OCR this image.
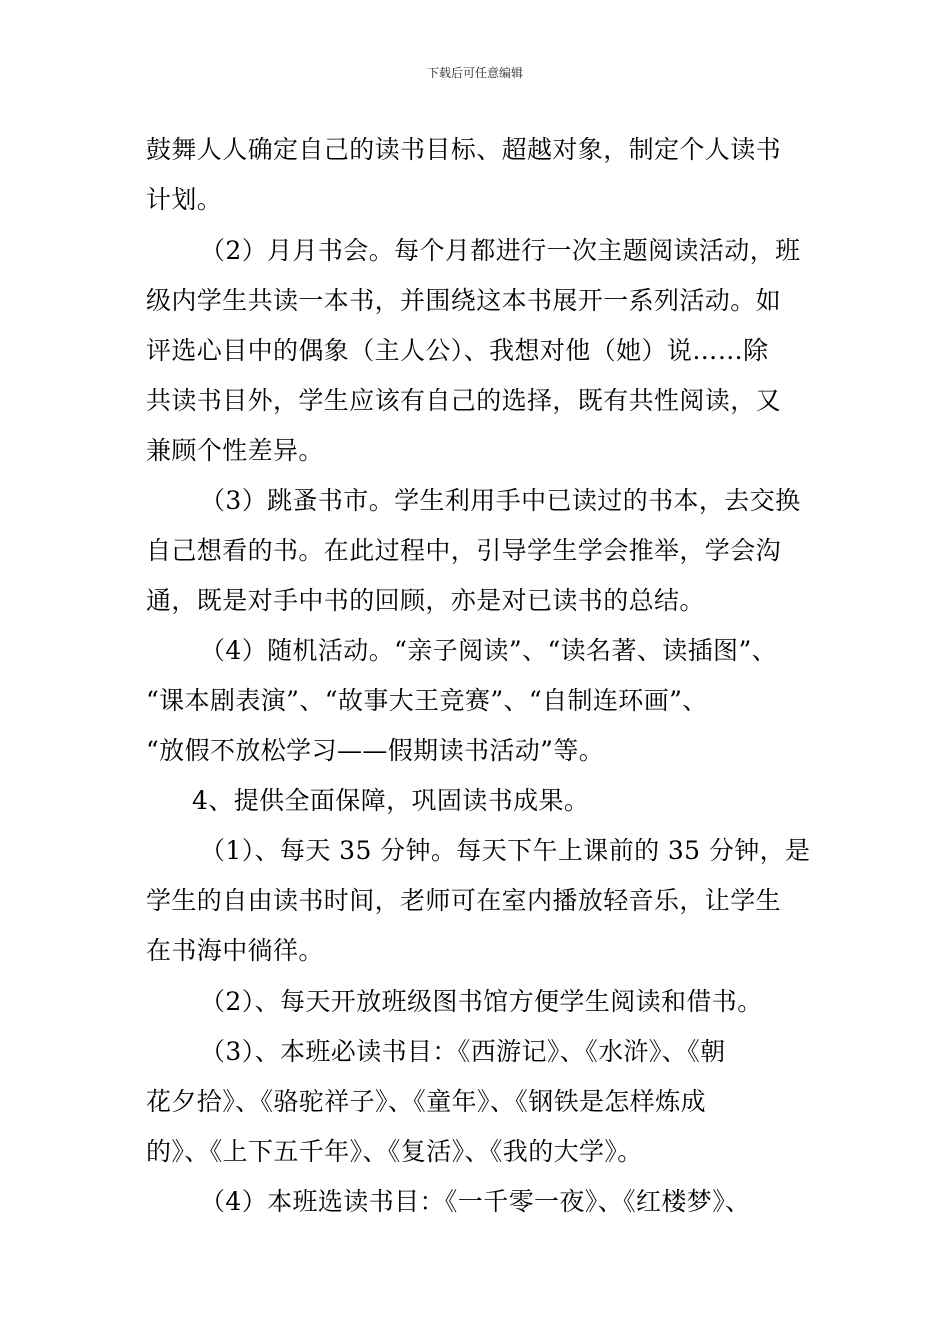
下载后可任意编辑
鼓舞人人确定自己的读书目标、超越对象，制定个人读书
计划。
（2）月月书会。每个月都进行一次主题阅读活动，班
级内学生共读一本书，并围绕这本书展开一系列活动。如
评选心目中的偶象（主人公）、我想对他（她）说……除
共读书目外，学生应该有自己的选择，既有共性阅读，又
兼顾个性差异。
（3）跳蚤书市。学生利用手中已读过的书本，去交换
自己想看的书。在此过程中，引导学生学会推举，学会沟
通，既是对手中书的回顾，亦是对已读书的总结。
（4）随机活动。“亲子阅读”、“读名著、读插图”、
“课本剧表演”、“故事大王竞赛”、“自制连环画”、
“放假不放松学习——假期读书活动”等。
4、提供全面保障，巩固读书成果。
（1）、每天 35 分钟。每天下午上课前的 35 分钟，是
学生的自由读书时间，老师可在室内播放轻音乐，让学生
在书海中徜徉。
（2）、每天开放班级图书馆方便学生阅读和借书。
（3）、本班必读书目：《西游记》、《水浒》、《朝
花夕拾》、《骆驼祥子》、《童年》、《钢铁是怎样炼成
的》、《上下五千年》、《复活》、《我的大学》。
（4）本班选读书目：《一千零一夜》、《红楼梦》、
